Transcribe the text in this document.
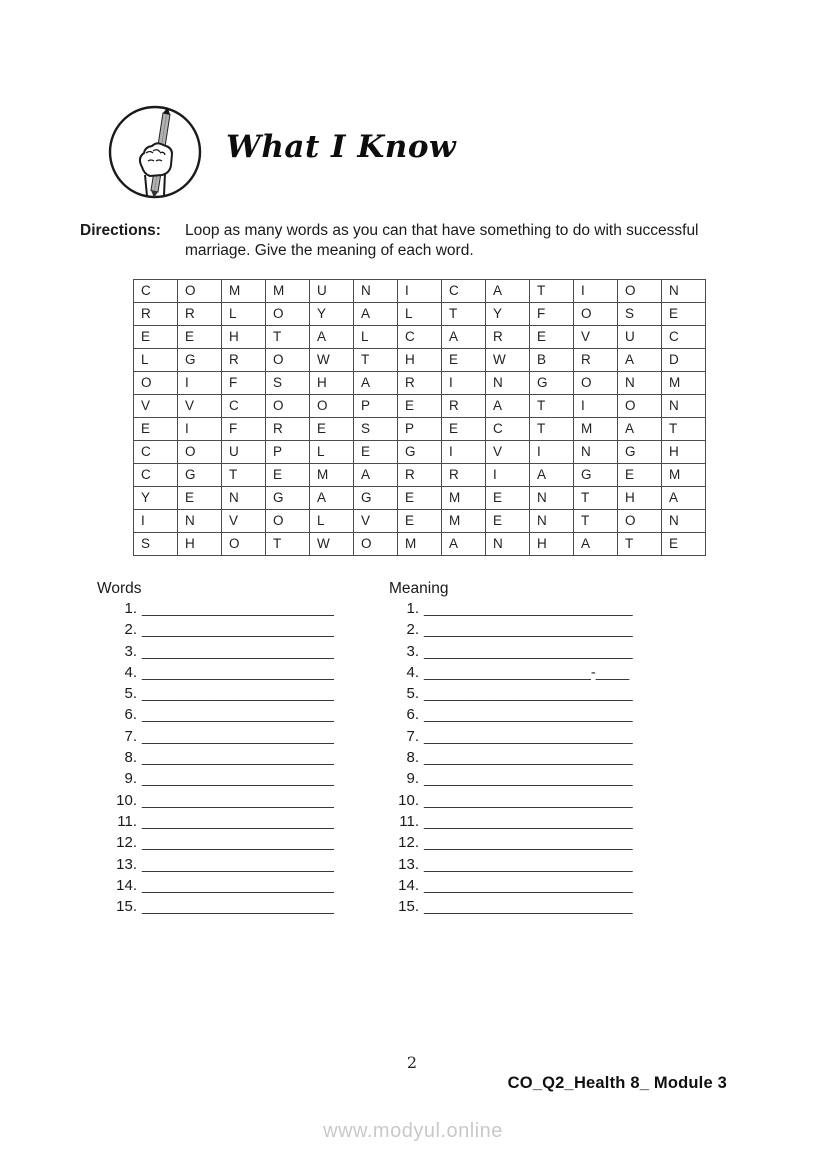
What I Know
Directions:	Loop as many words as you can that have something to do with successful marriage. Give the meaning of each word.
C	O	M	M	U	N	I	C	A	T	I	O	N
R	R	L	O	Y	A	L	T	Y	F	O	S	E
E	E	H	T	A	L	C	A	R	E	V	U	C
L	G	R	O	W	T	H	E	W	B	R	A	D
O	I	F	S	H	A	R	I	N	G	O	N	M
V	V	C	O	O	P	E	R	A	T	I	O	N
E	I	F	R	E	S	P	E	C	T	M	A	T
C	O	U	P	L	E	G	I	V	I	N	G	H
C	G	T	E	M	A	R	R	I	A	G	E	M
Y	E	N	G	A	G	E	M	E	N	T	H	A
I	N	V	O	L	V	E	M	E	N	T	O	N
S	H	O	T	W	O	M	A	N	H	A	T	E
Words
1. _______________________
2. _______________________
3. _______________________
4. _______________________
5. _______________________
6. _______________________
7. _______________________
8. _______________________
9. _______________________
10. _______________________
11. _______________________
12. _______________________
13. _______________________
14. _______________________
15. _______________________
Meaning
1. _________________________
2. _________________________
3. _________________________
4. ____________________-____
5. _________________________
6. _________________________
7. _________________________
8. _________________________
9. _________________________
10. _________________________
11. _________________________
12. _________________________
13. _________________________
14. _________________________
15. _________________________
2
CO_Q2_Health 8_ Module 3
www.modyul.online
